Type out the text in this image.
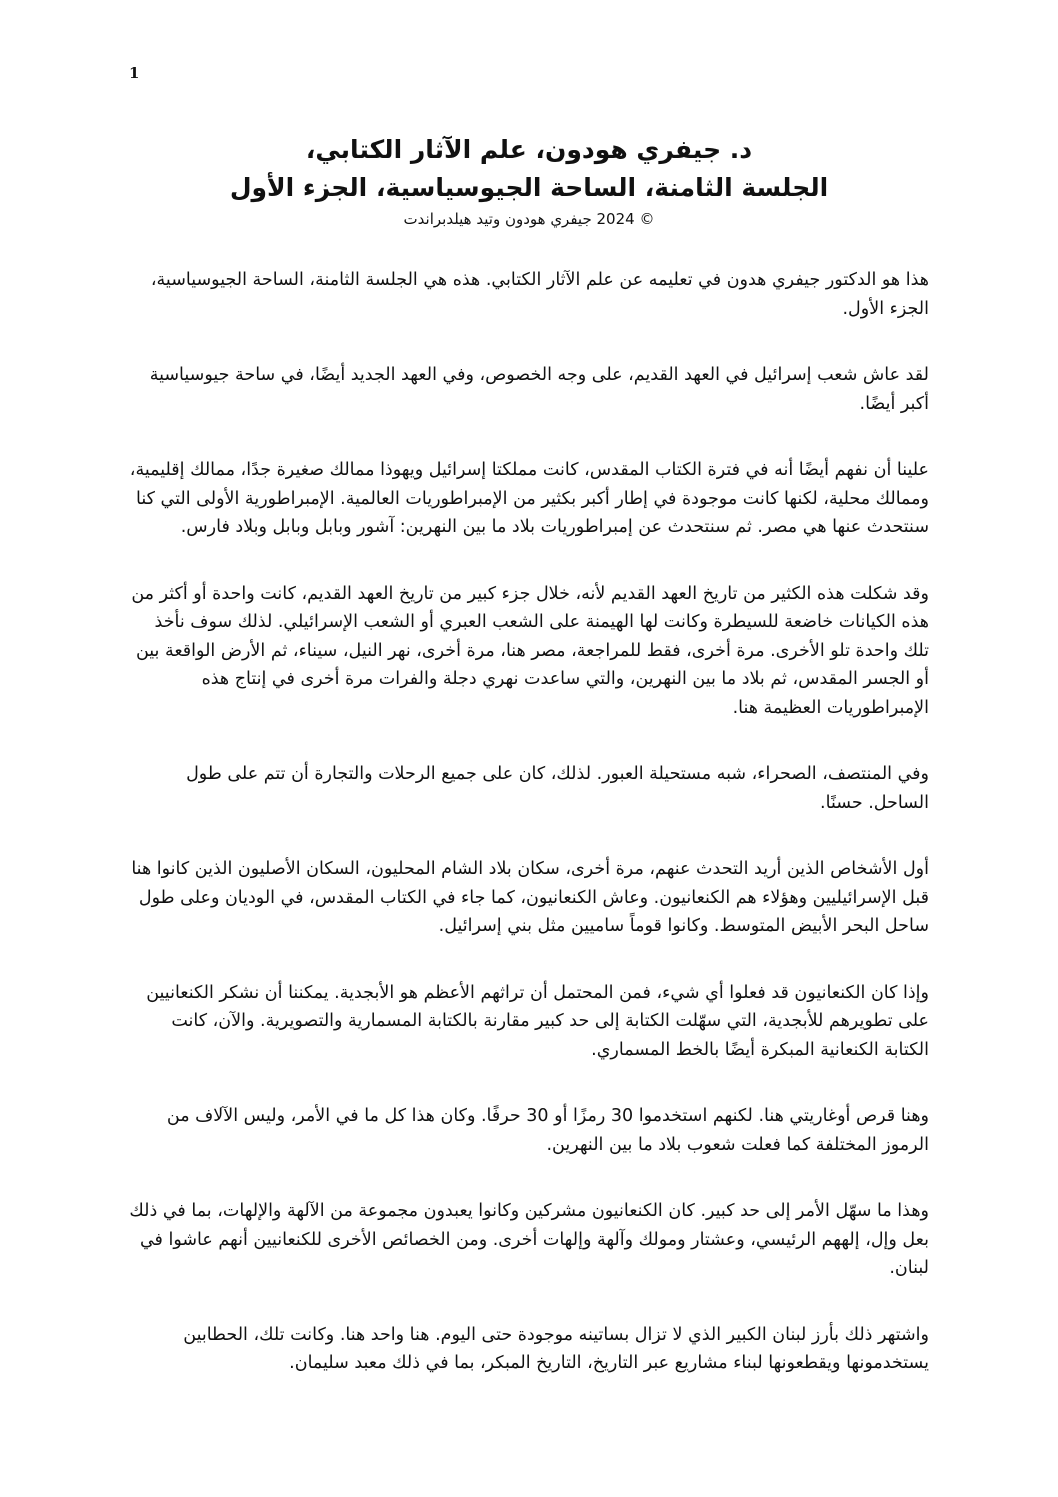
1

د. جيفري هودون، علم الآثار الكتابي،

الجلسة الثامنة، الساحة الجيوسياسية، الجزء الأول

© 2024 جيفري هودون وتيد هيلدبراندت

هذا هو الدكتور جيفري هدون في تعليمه عن علم الآثار الكتابي. هذه هي الجلسة الثامنة، الساحة الجيوسياسية، الجزء الأول.

لقد عاش شعب إسرائيل في العهد القديم، على وجه الخصوص، وفي العهد الجديد أيضًا، في ساحة جيوسياسية أكبر أيضًا.

علينا أن نفهم أيضًا أنه في فترة الكتاب المقدس، كانت مملكتا إسرائيل ويهوذا ممالك صغيرة جدًا، ممالك إقليمية، وممالك محلية، لكنها كانت موجودة في إطار أكبر بكثير من الإمبراطوريات العالمية. الإمبراطورية الأولى التي كنا سنتحدث عنها هي مصر. ثم سنتحدث عن إمبراطوريات بلاد ما بين النهرين: آشور وبابل وبابل وبلاد فارس.

وقد شكلت هذه الكثير من تاريخ العهد القديم لأنه، خلال جزء كبير من تاريخ العهد القديم، كانت واحدة أو أكثر من هذه الكيانات خاضعة للسيطرة وكانت لها الهيمنة على الشعب العبري أو الشعب الإسرائيلي. لذلك سوف نأخذ تلك واحدة تلو الأخرى. مرة أخرى، فقط للمراجعة، مصر هنا، مرة أخرى، نهر النيل، سيناء، ثم الأرض الواقعة بين أو الجسر المقدس، ثم بلاد ما بين النهرين، والتي ساعدت نهري دجلة والفرات مرة أخرى في إنتاج هذه الإمبراطوريات العظيمة هنا.

وفي المنتصف، الصحراء، شبه مستحيلة العبور. لذلك، كان على جميع الرحلات والتجارة أن تتم على طول الساحل. حسنًا.

أول الأشخاص الذين أريد التحدث عنهم، مرة أخرى، سكان بلاد الشام المحليون، السكان الأصليون الذين كانوا هنا قبل الإسرائيليين وهؤلاء هم الكنعانيون. وعاش الكنعانيون، كما جاء في الكتاب المقدس، في الوديان وعلى طول ساحل البحر الأبيض المتوسط. وكانوا قوماً ساميين مثل بني إسرائيل.

وإذا كان الكنعانيون قد فعلوا أي شيء، فمن المحتمل أن تراثهم الأعظم هو الأبجدية. يمكننا أن نشكر الكنعانيين على تطويرهم للأبجدية، التي سهّلت الكتابة إلى حد كبير مقارنة بالكتابة المسمارية والتصويرية. والآن، كانت الكتابة الكنعانية المبكرة أيضًا بالخط المسماري.

وهنا قرص أوغاريتي هنا. لكنهم استخدموا 30 رمزًا أو 30 حرفًا. وكان هذا كل ما في الأمر، وليس الآلاف من الرموز المختلفة كما فعلت شعوب بلاد ما بين النهرين.

وهذا ما سهّل الأمر إلى حد كبير. كان الكنعانيون مشركين وكانوا يعبدون مجموعة من الآلهة والإلهات، بما في ذلك بعل وإل، إلههم الرئيسي، وعشتار ومولك وآلهة وإلهات أخرى. ومن الخصائص الأخرى للكنعانيين أنهم عاشوا في لبنان.

واشتهر ذلك بأرز لبنان الكبير الذي لا تزال بساتينه موجودة حتى اليوم. هنا واحد هنا. وكانت تلك، الحطابين يستخدمونها ويقطعونها لبناء مشاريع عبر التاريخ، التاريخ المبكر، بما في ذلك معبد سليمان.
